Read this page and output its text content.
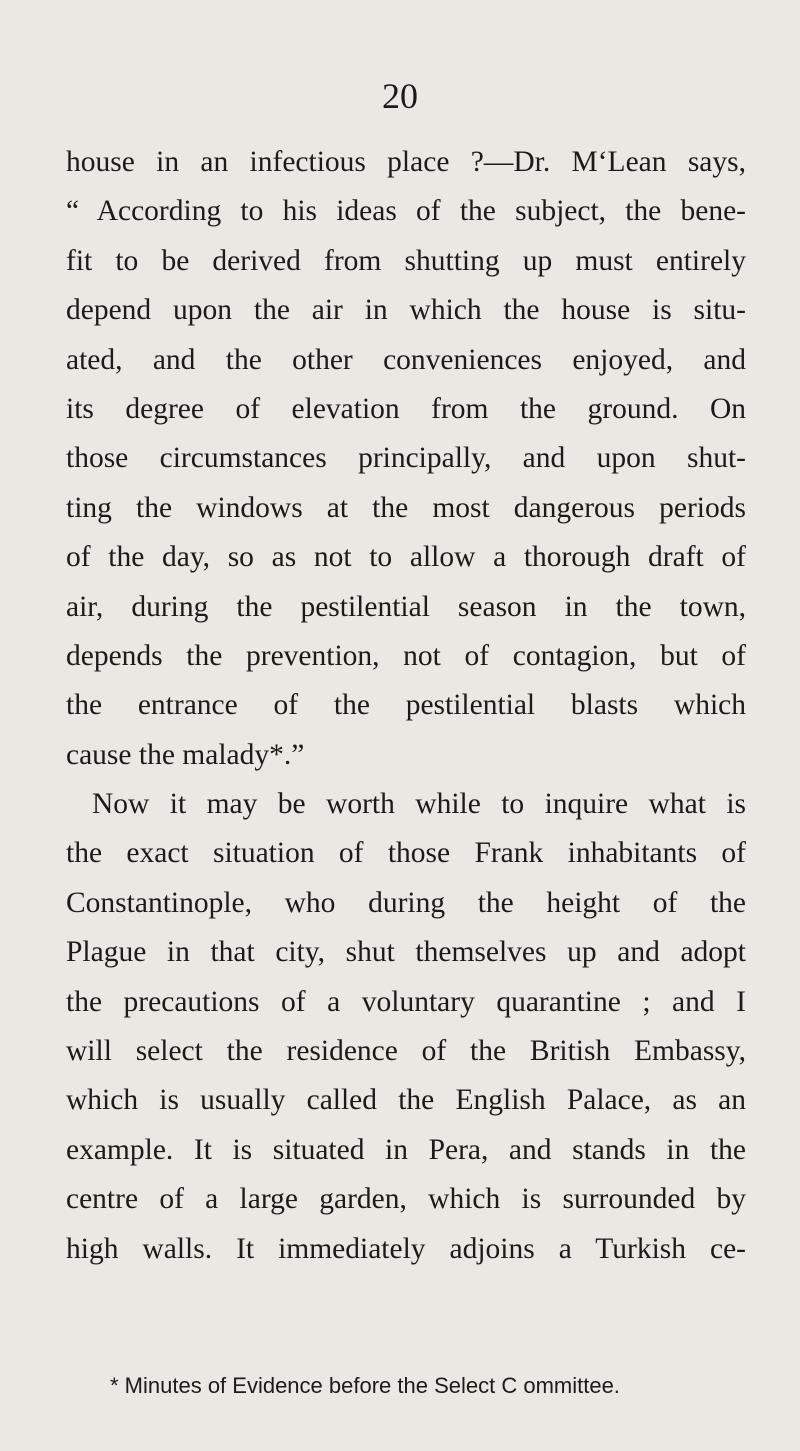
20
house in an infectious place ?—Dr. M‘Lean says,
“ According to his ideas of the subject, the bene-
fit to be derived from shutting up must entirely
depend upon the air in which the house is situ-
ated, and the other conveniences enjoyed, and
its degree of elevation from the ground. On
those circumstances principally, and upon shut-
ting the windows at the most dangerous periods
of the day, so as not to allow a thorough draft of
air, during the pestilential season in the town,
depends the prevention, not of contagion, but of
the entrance of the pestilential blasts which
cause the malady*.”
Now it may be worth while to inquire what is
the exact situation of those Frank inhabitants of
Constantinople, who during the height of the
Plague in that city, shut themselves up and adopt
the precautions of a voluntary quarantine ; and I
will select the residence of the British Embassy,
which is usually called the English Palace, as an
example. It is situated in Pera, and stands in the
centre of a large garden, which is surrounded by
high walls. It immediately adjoins a Turkish ce-
* Minutes of Evidence before the Select C ommittee.
